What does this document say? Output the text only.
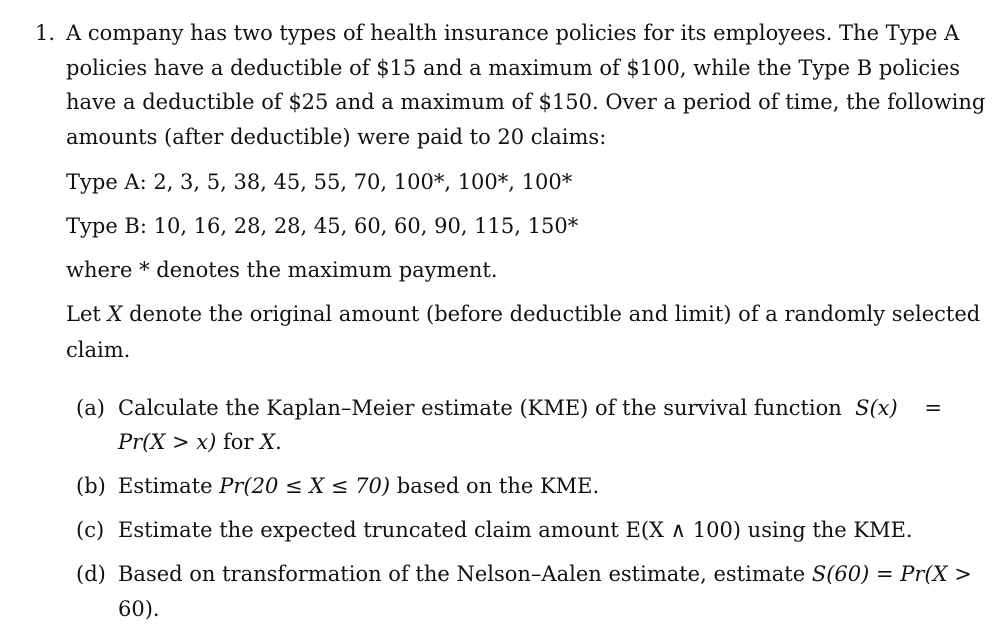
1. A company has two types of health insurance policies for its employees. The Type A
policies have a deductible of $15 and a maximum of $100, while the Type B policies
have a deductible of $25 and a maximum of $150. Over a period of time, the following
amounts (after deductible) were paid to 20 claims:
Type A: 2, 3, 5, 38, 45, 55, 70, 100*, 100*, 100*
Type B: 10, 16, 28, 28, 45, 60, 60, 90, 115, 150*
where * denotes the maximum payment.
Let X denote the original amount (before deductible and limit) of a randomly selected
claim.
(a) Calculate the Kaplan–Meier estimate (KME) of the survival function S(x) =
Pr(X > x) for X.
(b) Estimate Pr(20 ≤ X ≤ 70) based on the KME.
(c) Estimate the expected truncated claim amount E(X ∧ 100) using the KME.
(d) Based on transformation of the Nelson–Aalen estimate, estimate S(60) = Pr(X >
60).
